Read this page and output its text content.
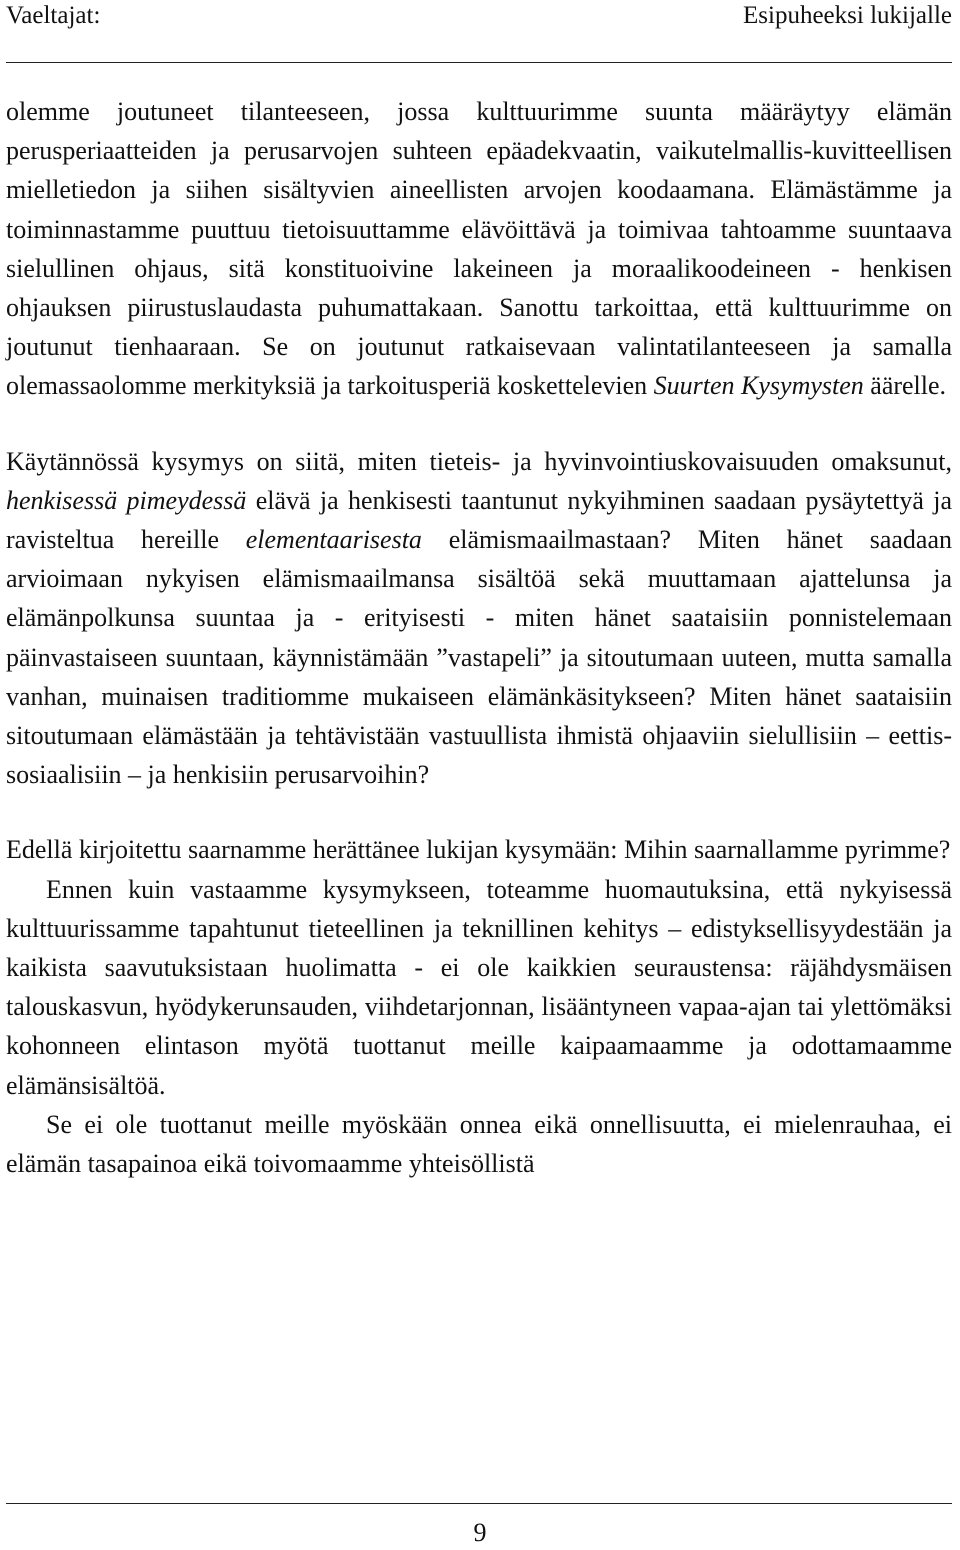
Vaeltajat:	Esipuheeksi lukijalle

olemme joutuneet tilanteeseen, jossa kulttuurimme suunta määräytyy elämän perusperiaatteiden ja perusarvojen suhteen epäadekvaatin, vaikutelmallis-kuvitteellisen mielletiedon ja siihen sisältyvien aineellisten arvojen koodaamana. Elämästämme ja toiminnastamme puuttuu tietoisuuttamme elävöittävä ja toimivaa tahtoamme suuntaava sielullinen ohjaus, sitä konstituoivine lakeineen ja moraalikoodeineen - henkisen ohjauksen piirustuslaudasta puhumattakaan. Sanottu tarkoittaa, että kulttuurimme on joutunut tienhaaraan. Se on joutunut ratkaisevaan valintatilanteeseen ja samalla olemassaolomme merkityksiä ja tarkoitusperiä koskettelevien Suurten Kysymysten äärelle.

Käytännössä kysymys on siitä, miten tieteis- ja hyvinvointiuskovaisuuden omaksunut, henkisessä pimeydessä elävä ja henkisesti taantunut nykyihminen saadaan pysäytettyä ja ravisteltua hereille elementaarisesta elämismaailmastaan? Miten hänet saadaan arvioimaan nykyisen elämismaailmansa sisältöä sekä muuttamaan ajattelunsa ja elämänpolkunsa suuntaa ja - erityisesti - miten hänet saataisiin ponnistelemaan päinvastaiseen suuntaan, käynnistämään ”vastapeli” ja sitoutumaan uuteen, mutta samalla vanhan, muinaisen traditiomme mukaiseen elämänkäsitykseen? Miten hänet saataisiin sitoutumaan elämästään ja tehtävistään vastuullista ihmistä ohjaaviin sielullisiin – eettis-sosiaalisiin – ja henkisiin perusarvoihin?

Edellä kirjoitettu saarnamme herättänee lukijan kysymään: Mihin saarnallamme pyrimme?

Ennen kuin vastaamme kysymykseen, toteamme huomautuksina, että nykyisessä kulttuurissamme tapahtunut tieteellinen ja teknillinen kehitys – edistyksellisyydestään ja kaikista saavutuksistaan huolimatta - ei ole kaikkien seuraustensa: räjähdysmäisen talouskasvun, hyödykerunsauden, viihdetarjonnan, lisääntyneen vapaa-ajan tai ylettömäksi kohonneen elintason myötä tuottanut meille kaipaamaamme ja odottamaamme elämänsisältöä.

Se ei ole tuottanut meille myöskään onnea eikä onnellisuutta, ei mielenrauhaa, ei elämän tasapainoa eikä toivomaamme yhteisöllistä

9
